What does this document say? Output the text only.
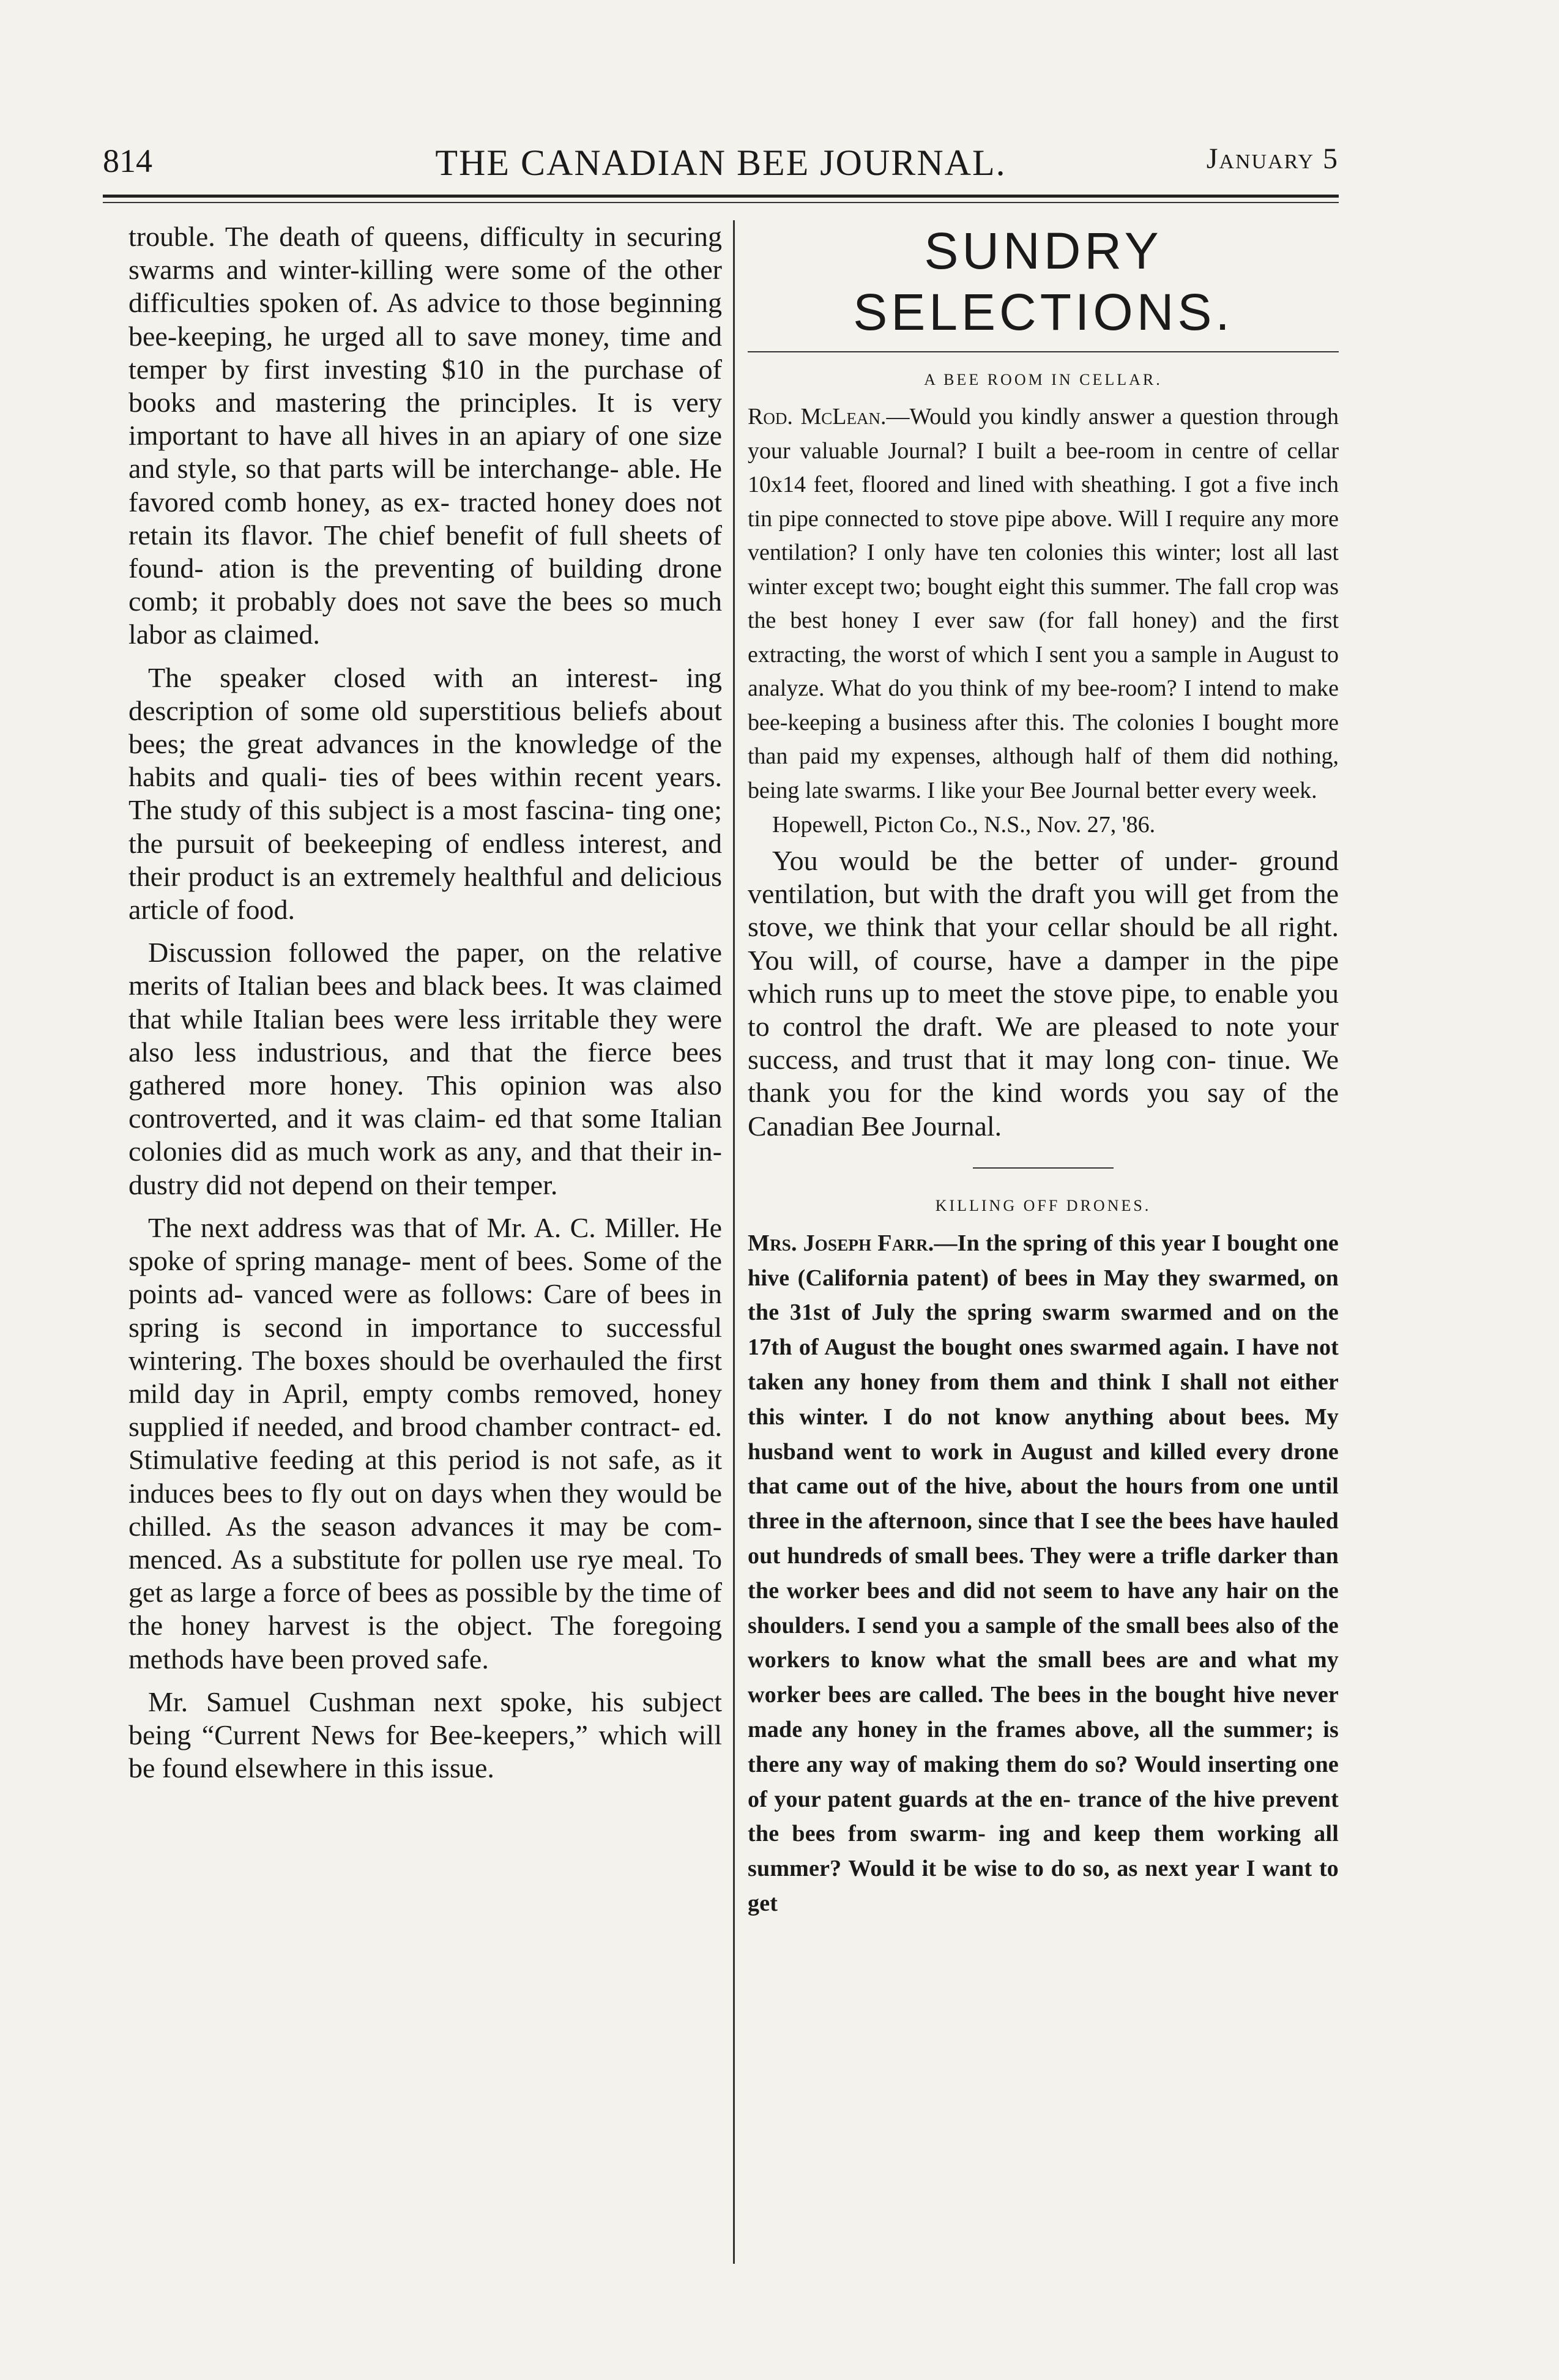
814	THE CANADIAN BEE JOURNAL.	January 5

trouble. The death of queens, difficulty in securing swarms and winter-killing were some of the other difficulties spoken of. As advice to those beginning bee-keeping, he urged all to save money, time and temper by first investing $10 in the purchase of books and mastering the principles. It is very important to have all hives in an apiary of one size and style, so that parts will be interchange- able. He favored comb honey, as ex- tracted honey does not retain its flavor. The chief benefit of full sheets of found- ation is the preventing of building drone comb; it probably does not save the bees so much labor as claimed.

The speaker closed with an interest- ing description of some old superstitious beliefs about bees; the great advances in the knowledge of the habits and quali- ties of bees within recent years. The study of this subject is a most fascina- ting one; the pursuit of beekeeping of endless interest, and their product is an extremely healthful and delicious article of food.

Discussion followed the paper, on the relative merits of Italian bees and black bees. It was claimed that while Italian bees were less irritable they were also less industrious, and that the fierce bees gathered more honey. This opinion was also controverted, and it was claim- ed that some Italian colonies did as much work as any, and that their in- dustry did not depend on their temper.

The next address was that of Mr. A. C. Miller. He spoke of spring manage- ment of bees. Some of the points ad- vanced were as follows: Care of bees in spring is second in importance to successful wintering. The boxes should be overhauled the first mild day in April, empty combs removed, honey supplied if needed, and brood chamber contract- ed. Stimulative feeding at this period is not safe, as it induces bees to fly out on days when they would be chilled. As the season advances it may be com- menced. As a substitute for pollen use rye meal. To get as large a force of bees as possible by the time of the honey harvest is the object. The foregoing methods have been proved safe.

Mr. Samuel Cushman next spoke, his subject being “Current News for Bee-keepers,” which will be found elsewhere in this issue.

SUNDRY SELECTIONS.
A BEE ROOM IN CELLAR.

Rod. McLean.—Would you kindly answer a question through your valuable Journal? I built a bee-room in centre of cellar 10x14 feet, floored and lined with sheathing. I got a five inch tin pipe connected to stove pipe above. Will I require any more ventilation? I only have ten colonies this winter; lost all last winter except two; bought eight this summer. The fall crop was the best honey I ever saw (for fall honey) and the first extracting, the worst of which I sent you a sample in August to analyze. What do you think of my bee-room? I intend to make bee-keeping a business after this. The colonies I bought more than paid my expenses, although half of them did nothing, being late swarms. I like your Bee Journal better every week.

Hopewell, Picton Co., N.S., Nov. 27, '86.

You would be the better of under- ground ventilation, but with the draft you will get from the stove, we think that your cellar should be all right. You will, of course, have a damper in the pipe which runs up to meet the stove pipe, to enable you to control the draft. We are pleased to note your success, and trust that it may long con- tinue. We thank you for the kind words you say of the Canadian Bee Journal.

KILLING OFF DRONES.

Mrs. Joseph Farr.—In the spring of this year I bought one hive (California patent) of bees in May they swarmed, on the 31st of July the spring swarm swarmed and on the 17th of August the bought ones swarmed again. I have not taken any honey from them and think I shall not either this winter. I do not know anything about bees. My husband went to work in August and killed every drone that came out of the hive, about the hours from one until three in the afternoon, since that I see the bees have hauled out hundreds of small bees. They were a trifle darker than the worker bees and did not seem to have any hair on the shoulders. I send you a sample of the small bees also of the workers to know what the small bees are and what my worker bees are called. The bees in the bought hive never made any honey in the frames above, all the summer; is there any way of making them do so? Would inserting one of your patent guards at the en- trance of the hive prevent the bees from swarm- ing and keep them working all summer? Would it be wise to do so, as next year I want to get
